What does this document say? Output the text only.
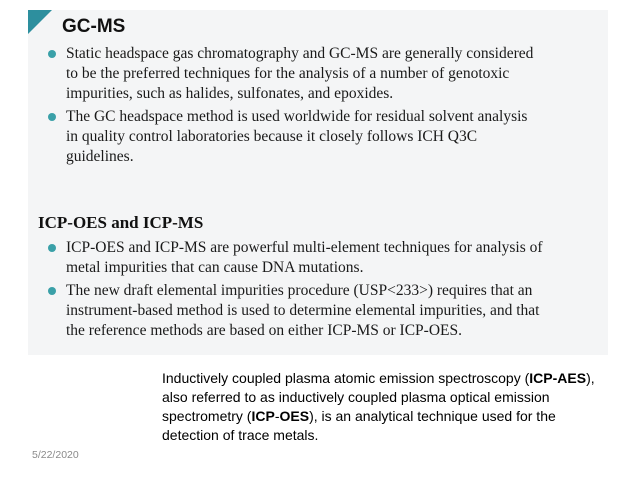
GC-MS
Static headspace gas chromatography and GC-MS are generally considered
to be the preferred techniques for the analysis of a number of genotoxic
impurities, such as halides, sulfonates, and epoxides.
The GC headspace method is used worldwide for residual solvent analysis
in quality control laboratories because it closely follows ICH Q3C
guidelines.
ICP-OES and ICP-MS
ICP-OES and ICP-MS are powerful multi-element techniques for analysis of
metal impurities that can cause DNA mutations.
The new draft elemental impurities procedure (USP<233>) requires that an
instrument-based method is used to determine elemental impurities, and that
the reference methods are based on either ICP-MS or ICP-OES.
Inductively coupled plasma atomic emission spectroscopy (ICP-AES), also referred to as inductively coupled plasma optical emission spectrometry (ICP-OES), is an analytical technique used for the detection of trace metals.
5/22/2020
